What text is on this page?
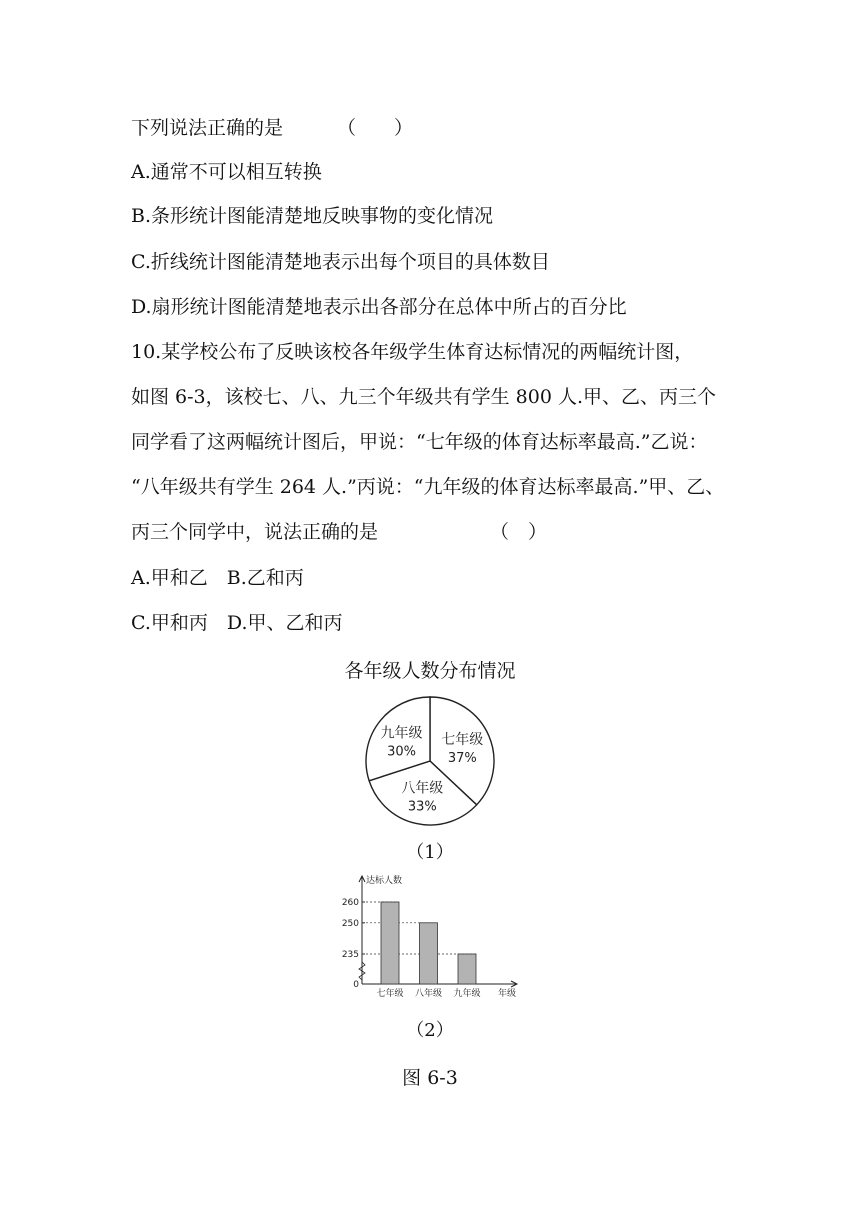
下列说法正确的是	（　　）
A.通常不可以相互转换
B.条形统计图能清楚地反映事物的变化情况
C.折线统计图能清楚地表示出每个项目的具体数目
D.扇形统计图能清楚地表示出各部分在总体中所占的百分比
10.某学校公布了反映该校各年级学生体育达标情况的两幅统计图，
如图 6-3，该校七、八、九三个年级共有学生 800 人.甲、乙、丙三个
同学看了这两幅统计图后，甲说：“七年级的体育达标率最高.”乙说：
“八年级共有学生 264 人.”丙说：“九年级的体育达标率最高.”甲、乙、
丙三个同学中，说法正确的是	（　）
A.甲和乙　B.乙和丙
C.甲和丙　D.甲、乙和丙
各年级人数分布情况
七年级
37%
八年级
33%
九年级
30%
（1）
达标人数
0
235
250
260
七年级 八年级 九年级 年级
（2）
图 6-3
